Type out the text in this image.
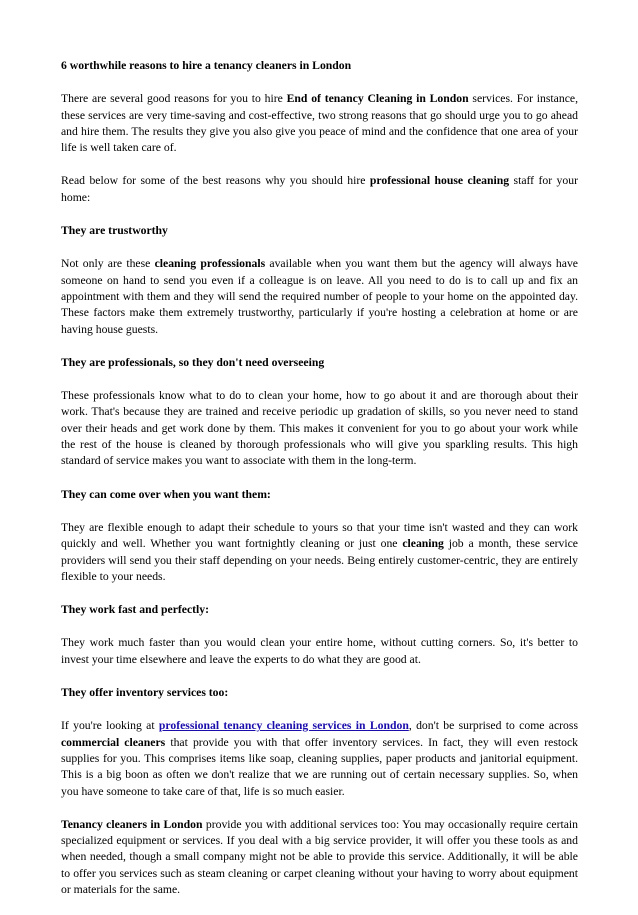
6 worthwhile reasons to hire a tenancy cleaners in London

There are several good reasons for you to hire End of tenancy Cleaning in London services. For instance, these services are very time-saving and cost-effective, two strong reasons that go should urge you to go ahead and hire them. The results they give you also give you peace of mind and the confidence that one area of your life is well taken care of.

Read below for some of the best reasons why you should hire professional house cleaning staff for your home:

They are trustworthy

Not only are these cleaning professionals available when you want them but the agency will always have someone on hand to send you even if a colleague is on leave. All you need to do is to call up and fix an appointment with them and they will send the required number of people to your home on the appointed day. These factors make them extremely trustworthy, particularly if you're hosting a celebration at home or are having house guests.

They are professionals, so they don't need overseeing

These professionals know what to do to clean your home, how to go about it and are thorough about their work. That's because they are trained and receive periodic up gradation of skills, so you never need to stand over their heads and get work done by them. This makes it convenient for you to go about your work while the rest of the house is cleaned by thorough professionals who will give you sparkling results. This high standard of service makes you want to associate with them in the long-term.

They can come over when you want them:

They are flexible enough to adapt their schedule to yours so that your time isn't wasted and they can work quickly and well. Whether you want fortnightly cleaning or just one cleaning job a month, these service providers will send you their staff depending on your needs. Being entirely customer-centric, they are entirely flexible to your needs.

They work fast and perfectly:

They work much faster than you would clean your entire home, without cutting corners. So, it's better to invest your time elsewhere and leave the experts to do what they are good at.

They offer inventory services too:

If you're looking at professional tenancy cleaning services in London, don't be surprised to come across commercial cleaners that provide you with that offer inventory services. In fact, they will even restock supplies for you. This comprises items like soap, cleaning supplies, paper products and janitorial equipment. This is a big boon as often we don't realize that we are running out of certain necessary supplies. So, when you have someone to take care of that, life is so much easier.

Tenancy cleaners in London provide you with additional services too: You may occasionally require certain specialized equipment or services. If you deal with a big service provider, it will offer you these tools as and when needed, though a small company might not be able to provide this service. Additionally, it will be able to offer you services such as steam cleaning or carpet cleaning without your having to worry about equipment or materials for the same.
